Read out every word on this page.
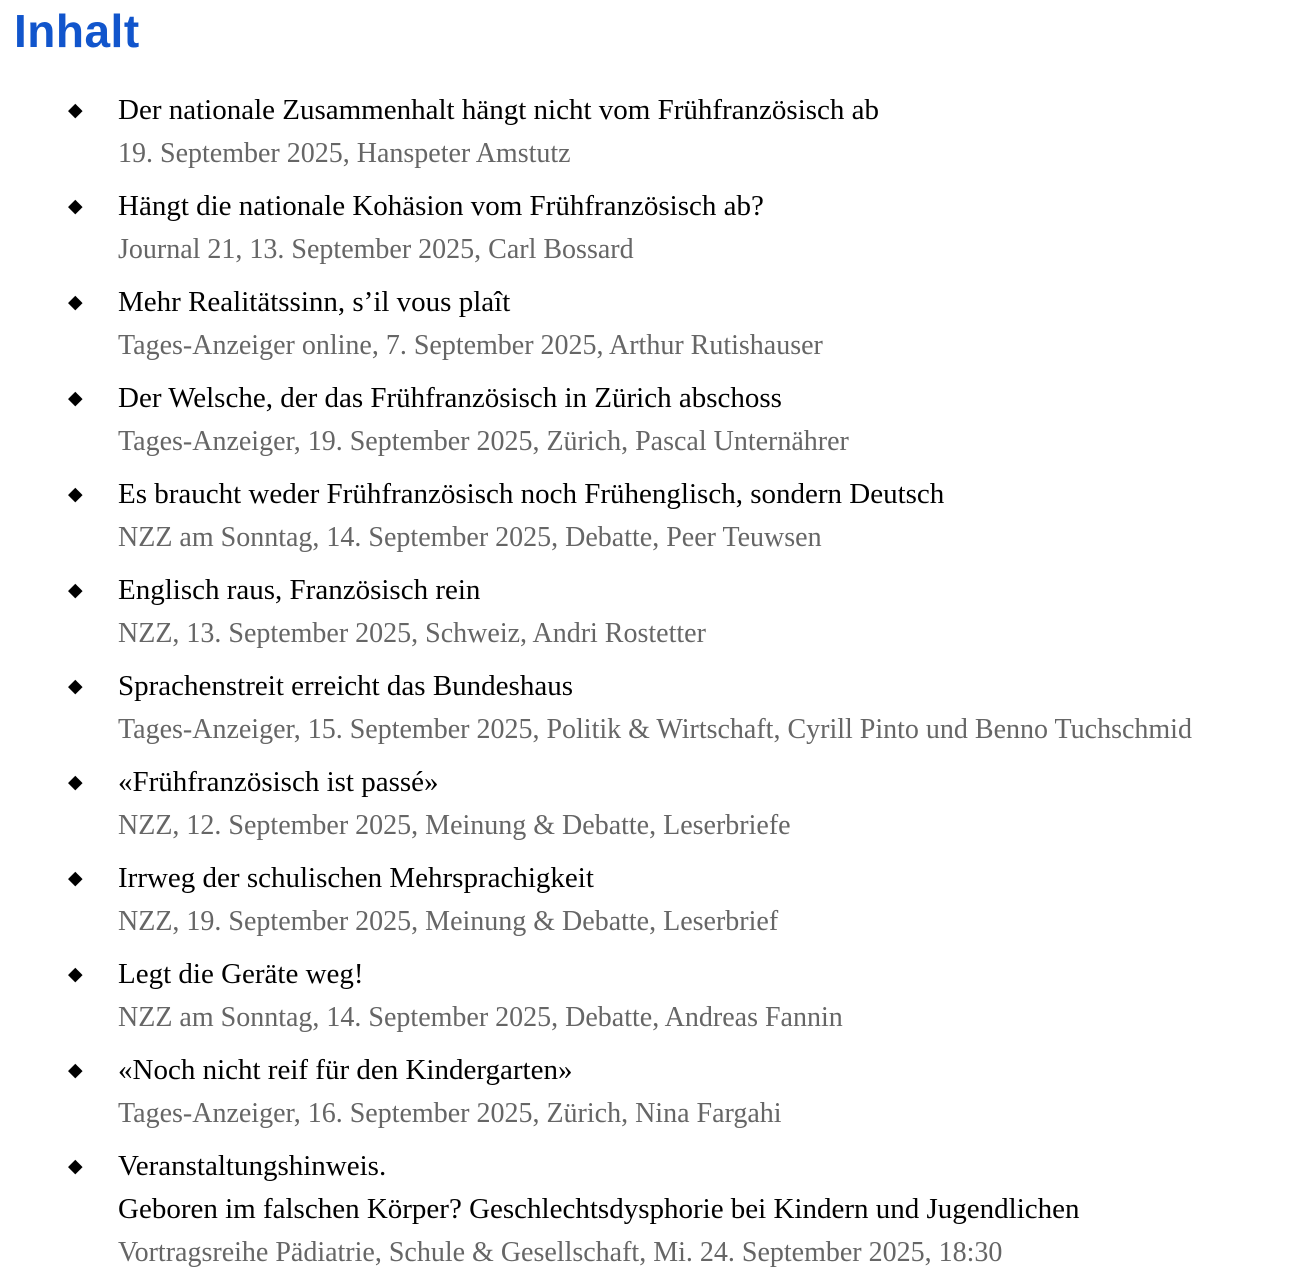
Inhalt
◆	Der nationale Zusammenhalt hängt nicht vom Frühfranzösisch ab
19. September 2025, Hanspeter Amstutz
◆	Hängt die nationale Kohäsion vom Frühfranzösisch ab?
Journal 21, 13. September 2025, Carl Bossard
◆	Mehr Realitätssinn, s’il vous plaît
Tages-Anzeiger online, 7. September 2025, Arthur Rutishauser
◆	Der Welsche, der das Frühfranzösisch in Zürich abschoss
Tages-Anzeiger, 19. September 2025, Zürich, Pascal Unternährer
◆	Es braucht weder Frühfranzösisch noch Frühenglisch, sondern Deutsch
NZZ am Sonntag, 14. September 2025, Debatte, Peer Teuwsen
◆	Englisch raus, Französisch rein
NZZ, 13. September 2025, Schweiz, Andri Rostetter
◆	Sprachenstreit erreicht das Bundeshaus
Tages-Anzeiger, 15. September 2025, Politik & Wirtschaft, Cyrill Pinto und Benno Tuchschmid
◆	«Frühfranzösisch ist passé»
NZZ, 12. September 2025, Meinung & Debatte, Leserbriefe
◆	Irrweg der schulischen Mehrsprachigkeit
NZZ, 19. September 2025, Meinung & Debatte, Leserbrief
◆	Legt die Geräte weg!
NZZ am Sonntag, 14. September 2025, Debatte, Andreas Fannin
◆	«Noch nicht reif für den Kindergarten»
Tages-Anzeiger, 16. September 2025, Zürich, Nina Fargahi
◆	Veranstaltungshinweis.
Geboren im falschen Körper? Geschlechtsdysphorie bei Kindern und Jugendlichen
Vortragsreihe Pädiatrie, Schule & Gesellschaft, Mi. 24. September 2025, 18:30
